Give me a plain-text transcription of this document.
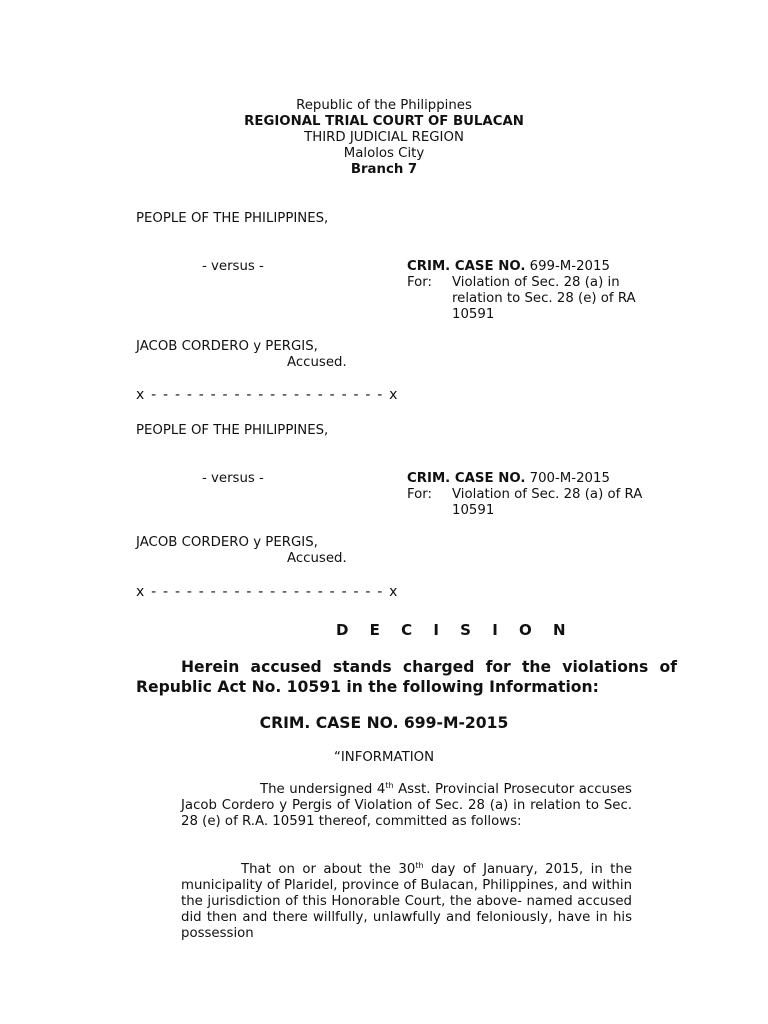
Republic of the Philippines
REGIONAL TRIAL COURT OF BULACAN
THIRD JUDICIAL REGION
Malolos City
Branch 7
PEOPLE OF THE PHILIPPINES,
- versus -	CRIM. CASE NO. 699-M-2015
For: Violation of Sec. 28 (a) in
relation to Sec. 28 (e) of RA
10591
JACOB CORDERO y PERGIS,
Accused.
x - - - - - - - - - - - - - - - - - - - - x
PEOPLE OF THE PHILIPPINES,
- versus -	CRIM. CASE NO. 700-M-2015
For: Violation of Sec. 28 (a) of RA
10591
JACOB CORDERO y PERGIS,
Accused.
x - - - - - - - - - - - - - - - - - - - - x
D E C I S I O N
Herein accused stands charged for the violations of Republic Act No. 10591 in the following Information:
CRIM. CASE NO. 699-M-2015
“INFORMATION
The undersigned 4th Asst. Provincial Prosecutor accuses Jacob Cordero y Pergis of Violation of Sec. 28 (a) in relation to Sec. 28 (e) of R.A. 10591 thereof, committed as follows:
That on or about the 30th day of January, 2015, in the municipality of Plaridel, province of Bulacan, Philippines, and within the jurisdiction of this Honorable Court, the above- named accused did then and there willfully, unlawfully and feloniously, have in his possession
